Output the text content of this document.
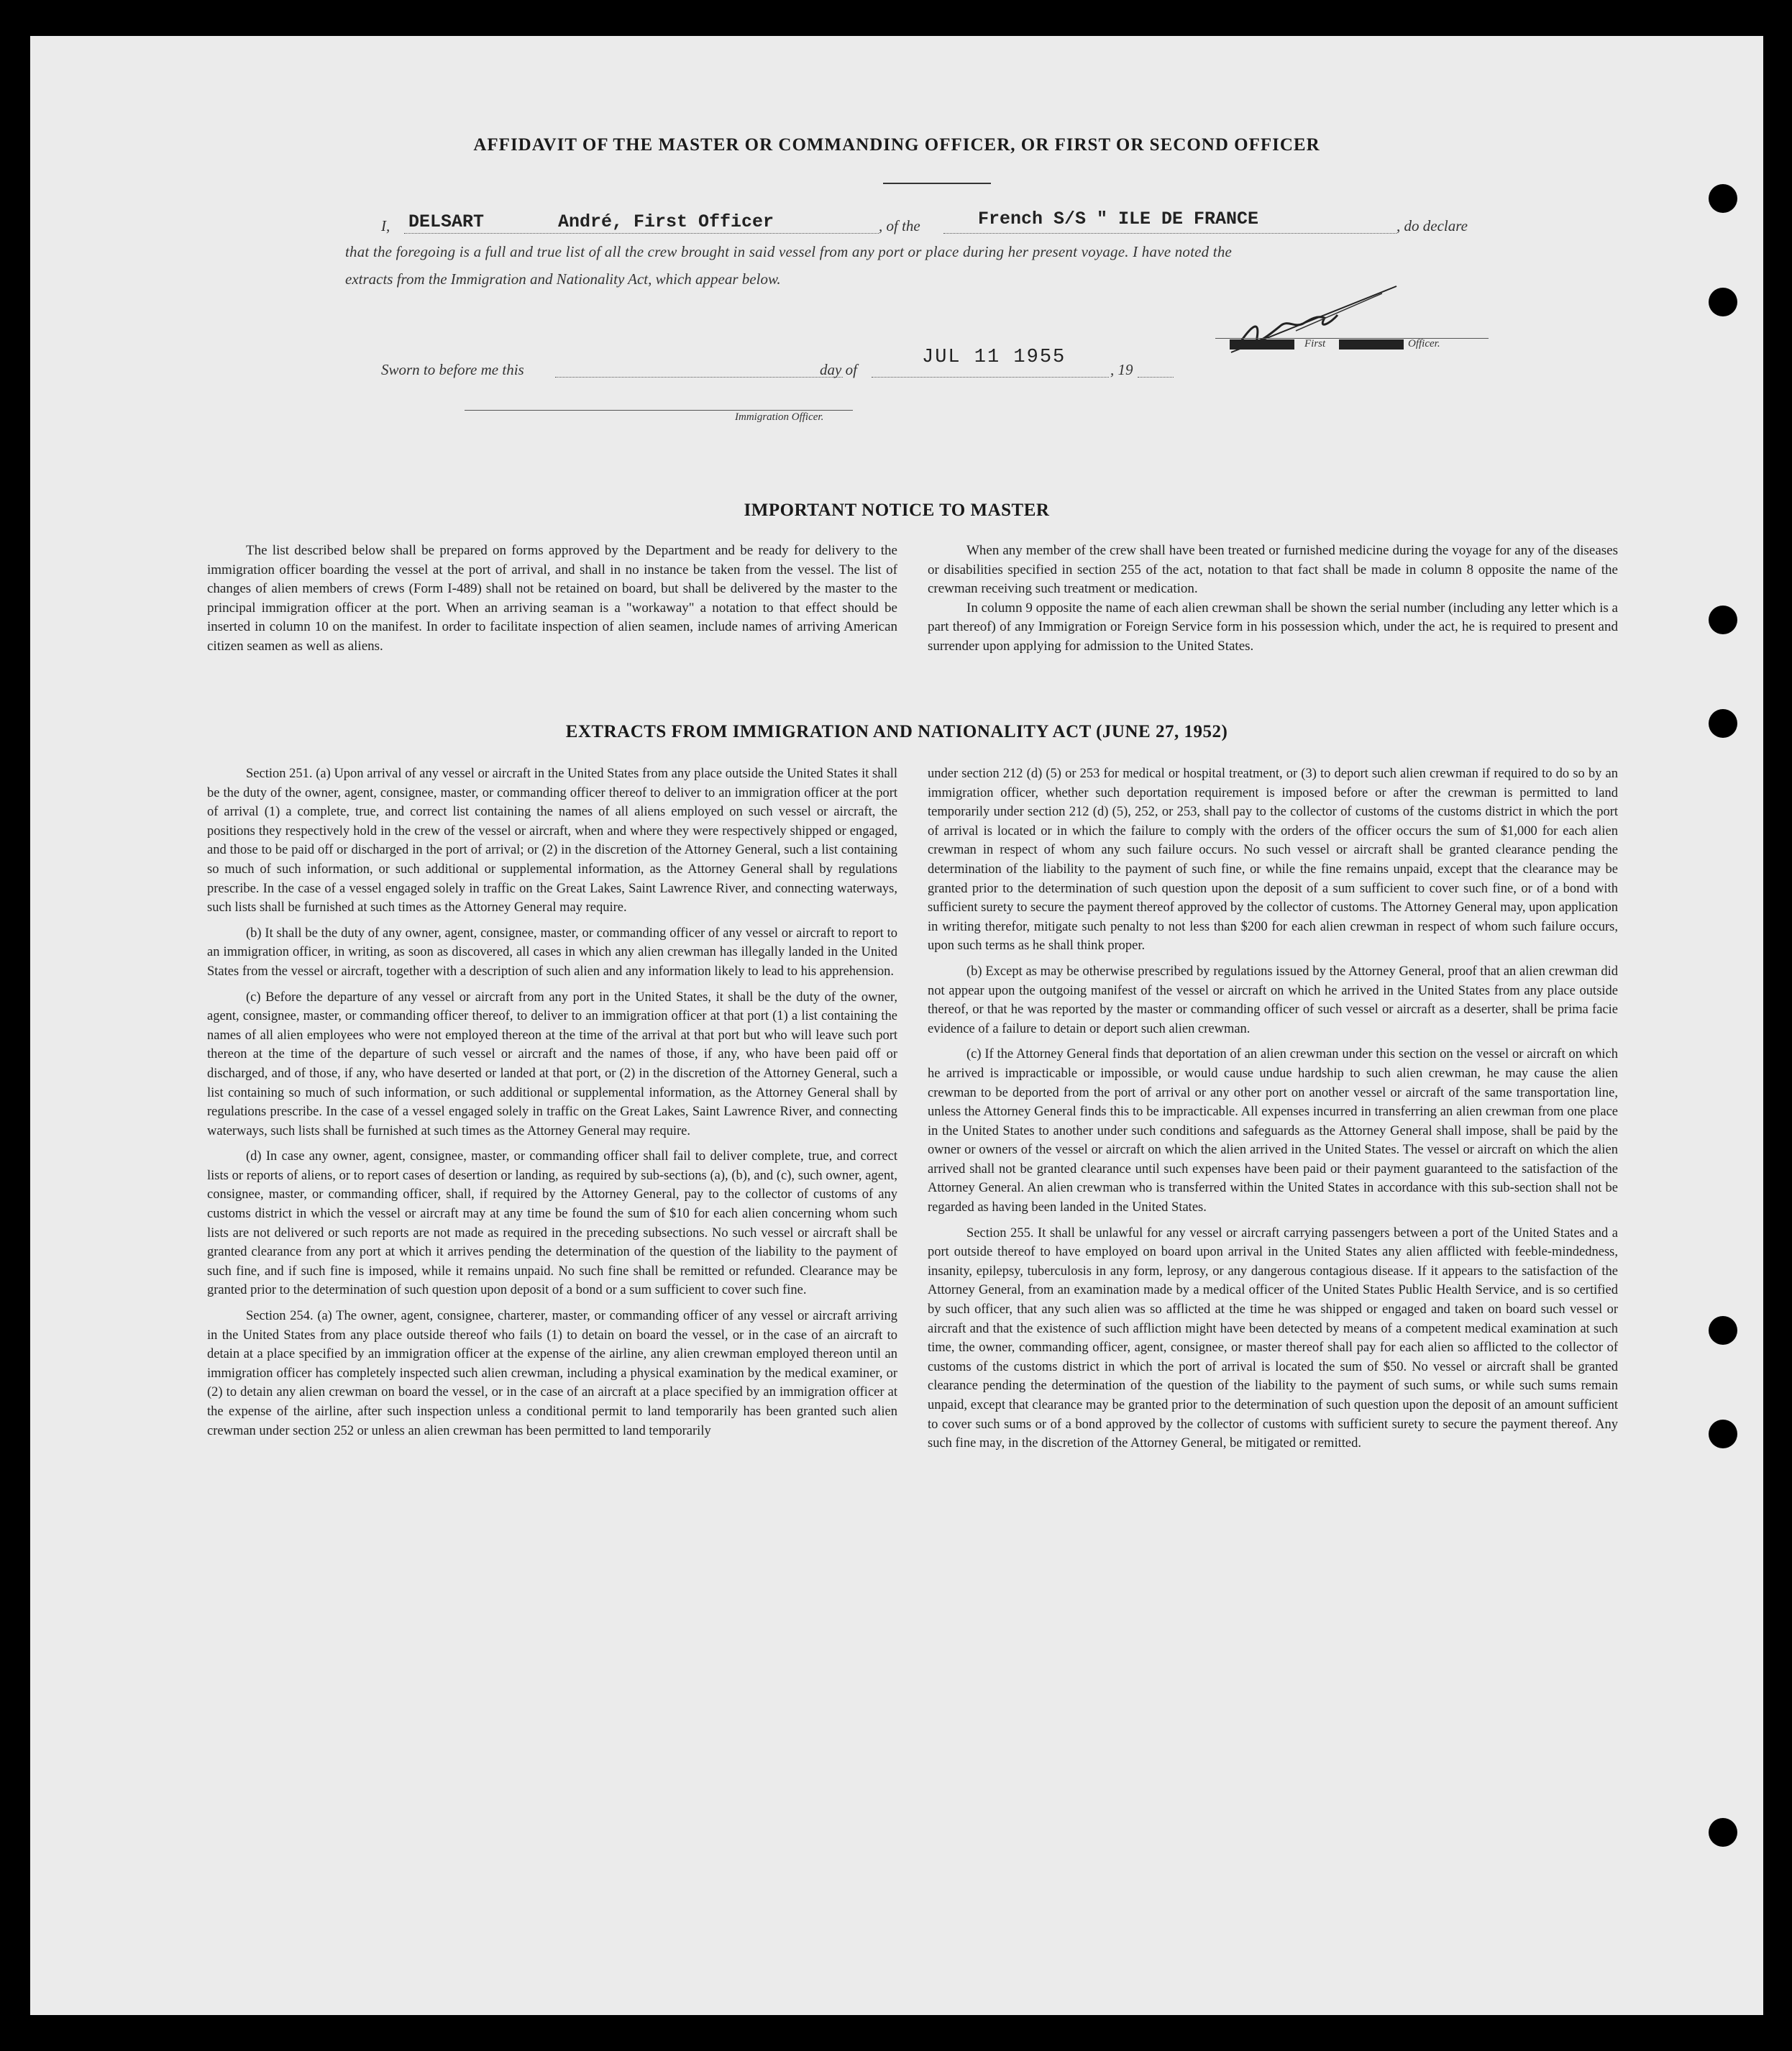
AFFIDAVIT OF THE MASTER OR COMMANDING OFFICER, OR FIRST OR SECOND OFFICER
I, DELSART	André, First Officer	, of the	French S/S " ILE DE FRANCE	, do declare
that the foregoing is a full and true list of all the crew brought in said vessel from any port or place during her present voyage. I have noted the
extracts from the Immigration and Nationality Act, which appear below.
First	Officer.
Sworn to before me this	day of
JUL 11 1955
, 19
Immigration Officer.
IMPORTANT NOTICE TO MASTER

The list described below shall be prepared on forms approved by the Department and be ready for delivery to the immigration officer boarding the vessel at the port of arrival, and shall in no instance be taken from the vessel. The list of changes of alien members of crews (Form I-489) shall not be retained on board, but shall be delivered by the master to the principal immigration officer at the port. When an arriving seaman is a "workaway" a notation to that effect should be inserted in column 10 on the manifest. In order to facilitate inspection of alien seamen, include names of arriving American citizen seamen as well as aliens.

When any member of the crew shall have been treated or furnished medicine during the voyage for any of the diseases or disabilities specified in section 255 of the act, notation to that fact shall be made in column 8 opposite the name of the crewman receiving such treatment or medication.

In column 9 opposite the name of each alien crewman shall be shown the serial number (including any letter which is a part thereof) of any Immigration or Foreign Service form in his possession which, under the act, he is required to present and surrender upon applying for admission to the United States.

EXTRACTS FROM IMMIGRATION AND NATIONALITY ACT (JUNE 27, 1952)

Section 251. (a) Upon arrival of any vessel or aircraft in the United States from any place outside the United States it shall be the duty of the owner, agent, consignee, master, or commanding officer thereof to deliver to an immigration officer at the port of arrival (1) a complete, true, and correct list containing the names of all aliens employed on such vessel or aircraft, the positions they respectively hold in the crew of the vessel or aircraft, when and where they were respectively shipped or engaged, and those to be paid off or discharged in the port of arrival; or (2) in the discretion of the Attorney General, such a list containing so much of such information, or such additional or supplemental information, as the Attorney General shall by regulations prescribe. In the case of a vessel engaged solely in traffic on the Great Lakes, Saint Lawrence River, and connecting waterways, such lists shall be furnished at such times as the Attorney General may require.

(b) It shall be the duty of any owner, agent, consignee, master, or commanding officer of any vessel or aircraft to report to an immigration officer, in writing, as soon as discovered, all cases in which any alien crewman has illegally landed in the United States from the vessel or aircraft, together with a description of such alien and any information likely to lead to his apprehension.

(c) Before the departure of any vessel or aircraft from any port in the United States, it shall be the duty of the owner, agent, consignee, master, or commanding officer thereof, to deliver to an immigration officer at that port (1) a list containing the names of all alien employees who were not employed thereon at the time of the arrival at that port but who will leave such port thereon at the time of the departure of such vessel or aircraft and the names of those, if any, who have been paid off or discharged, and of those, if any, who have deserted or landed at that port, or (2) in the discretion of the Attorney General, such a list containing so much of such information, or such additional or supplemental information, as the Attorney General shall by regulations prescribe. In the case of a vessel engaged solely in traffic on the Great Lakes, Saint Lawrence River, and connecting waterways, such lists shall be furnished at such times as the Attorney General may require.

(d) In case any owner, agent, consignee, master, or commanding officer shall fail to deliver complete, true, and correct lists or reports of aliens, or to report cases of desertion or landing, as required by sub-sections (a), (b), and (c), such owner, agent, consignee, master, or commanding officer, shall, if required by the Attorney General, pay to the collector of customs of any customs district in which the vessel or aircraft may at any time be found the sum of $10 for each alien concerning whom such lists are not delivered or such reports are not made as required in the preceding subsections. No such vessel or aircraft shall be granted clearance from any port at which it arrives pending the determination of the question of the liability to the payment of such fine, and if such fine is imposed, while it remains unpaid. No such fine shall be remitted or refunded. Clearance may be granted prior to the determination of such question upon deposit of a bond or a sum sufficient to cover such fine.

Section 254. (a) The owner, agent, consignee, charterer, master, or commanding officer of any vessel or aircraft arriving in the United States from any place outside thereof who fails (1) to detain on board the vessel, or in the case of an aircraft to detain at a place specified by an immigration officer at the expense of the airline, any alien crewman employed thereon until an immigration officer has completely inspected such alien crewman, including a physical examination by the medical examiner, or (2) to detain any alien crewman on board the vessel, or in the case of an aircraft at a place specified by an immigration officer at the expense of the airline, after such inspection unless a conditional permit to land temporarily has been granted such alien crewman under section 252 or unless an alien crewman has been permitted to land temporarily

under section 212 (d) (5) or 253 for medical or hospital treatment, or (3) to deport such alien crewman if required to do so by an immigration officer, whether such deportation requirement is imposed before or after the crewman is permitted to land temporarily under section 212 (d) (5), 252, or 253, shall pay to the collector of customs of the customs district in which the port of arrival is located or in which the failure to comply with the orders of the officer occurs the sum of $1,000 for each alien crewman in respect of whom any such failure occurs. No such vessel or aircraft shall be granted clearance pending the determination of the liability to the payment of such fine, or while the fine remains unpaid, except that the clearance may be granted prior to the determination of such question upon the deposit of a sum sufficient to cover such fine, or of a bond with sufficient surety to secure the payment thereof approved by the collector of customs. The Attorney General may, upon application in writing therefor, mitigate such penalty to not less than $200 for each alien crewman in respect of whom such failure occurs, upon such terms as he shall think proper.

(b) Except as may be otherwise prescribed by regulations issued by the Attorney General, proof that an alien crewman did not appear upon the outgoing manifest of the vessel or aircraft on which he arrived in the United States from any place outside thereof, or that he was reported by the master or commanding officer of such vessel or aircraft as a deserter, shall be prima facie evidence of a failure to detain or deport such alien crewman.

(c) If the Attorney General finds that deportation of an alien crewman under this section on the vessel or aircraft on which he arrived is impracticable or impossible, or would cause undue hardship to such alien crewman, he may cause the alien crewman to be deported from the port of arrival or any other port on another vessel or aircraft of the same transportation line, unless the Attorney General finds this to be impracticable. All expenses incurred in transferring an alien crewman from one place in the United States to another under such conditions and safeguards as the Attorney General shall impose, shall be paid by the owner or owners of the vessel or aircraft on which the alien arrived in the United States. The vessel or aircraft on which the alien arrived shall not be granted clearance until such expenses have been paid or their payment guaranteed to the satisfaction of the Attorney General. An alien crewman who is transferred within the United States in accordance with this sub-section shall not be regarded as having been landed in the United States.

Section 255. It shall be unlawful for any vessel or aircraft carrying passengers between a port of the United States and a port outside thereof to have employed on board upon arrival in the United States any alien afflicted with feeble-mindedness, insanity, epilepsy, tuberculosis in any form, leprosy, or any dangerous contagious disease. If it appears to the satisfaction of the Attorney General, from an examination made by a medical officer of the United States Public Health Service, and is so certified by such officer, that any such alien was so afflicted at the time he was shipped or engaged and taken on board such vessel or aircraft and that the existence of such affliction might have been detected by means of a competent medical examination at such time, the owner, commanding officer, agent, consignee, or master thereof shall pay for each alien so afflicted to the collector of customs of the customs district in which the port of arrival is located the sum of $50. No vessel or aircraft shall be granted clearance pending the determination of the question of the liability to the payment of such sums, or while such sums remain unpaid, except that clearance may be granted prior to the determination of such question upon the deposit of an amount sufficient to cover such sums or of a bond approved by the collector of customs with sufficient surety to secure the payment thereof. Any such fine may, in the discretion of the Attorney General, be mitigated or remitted.
